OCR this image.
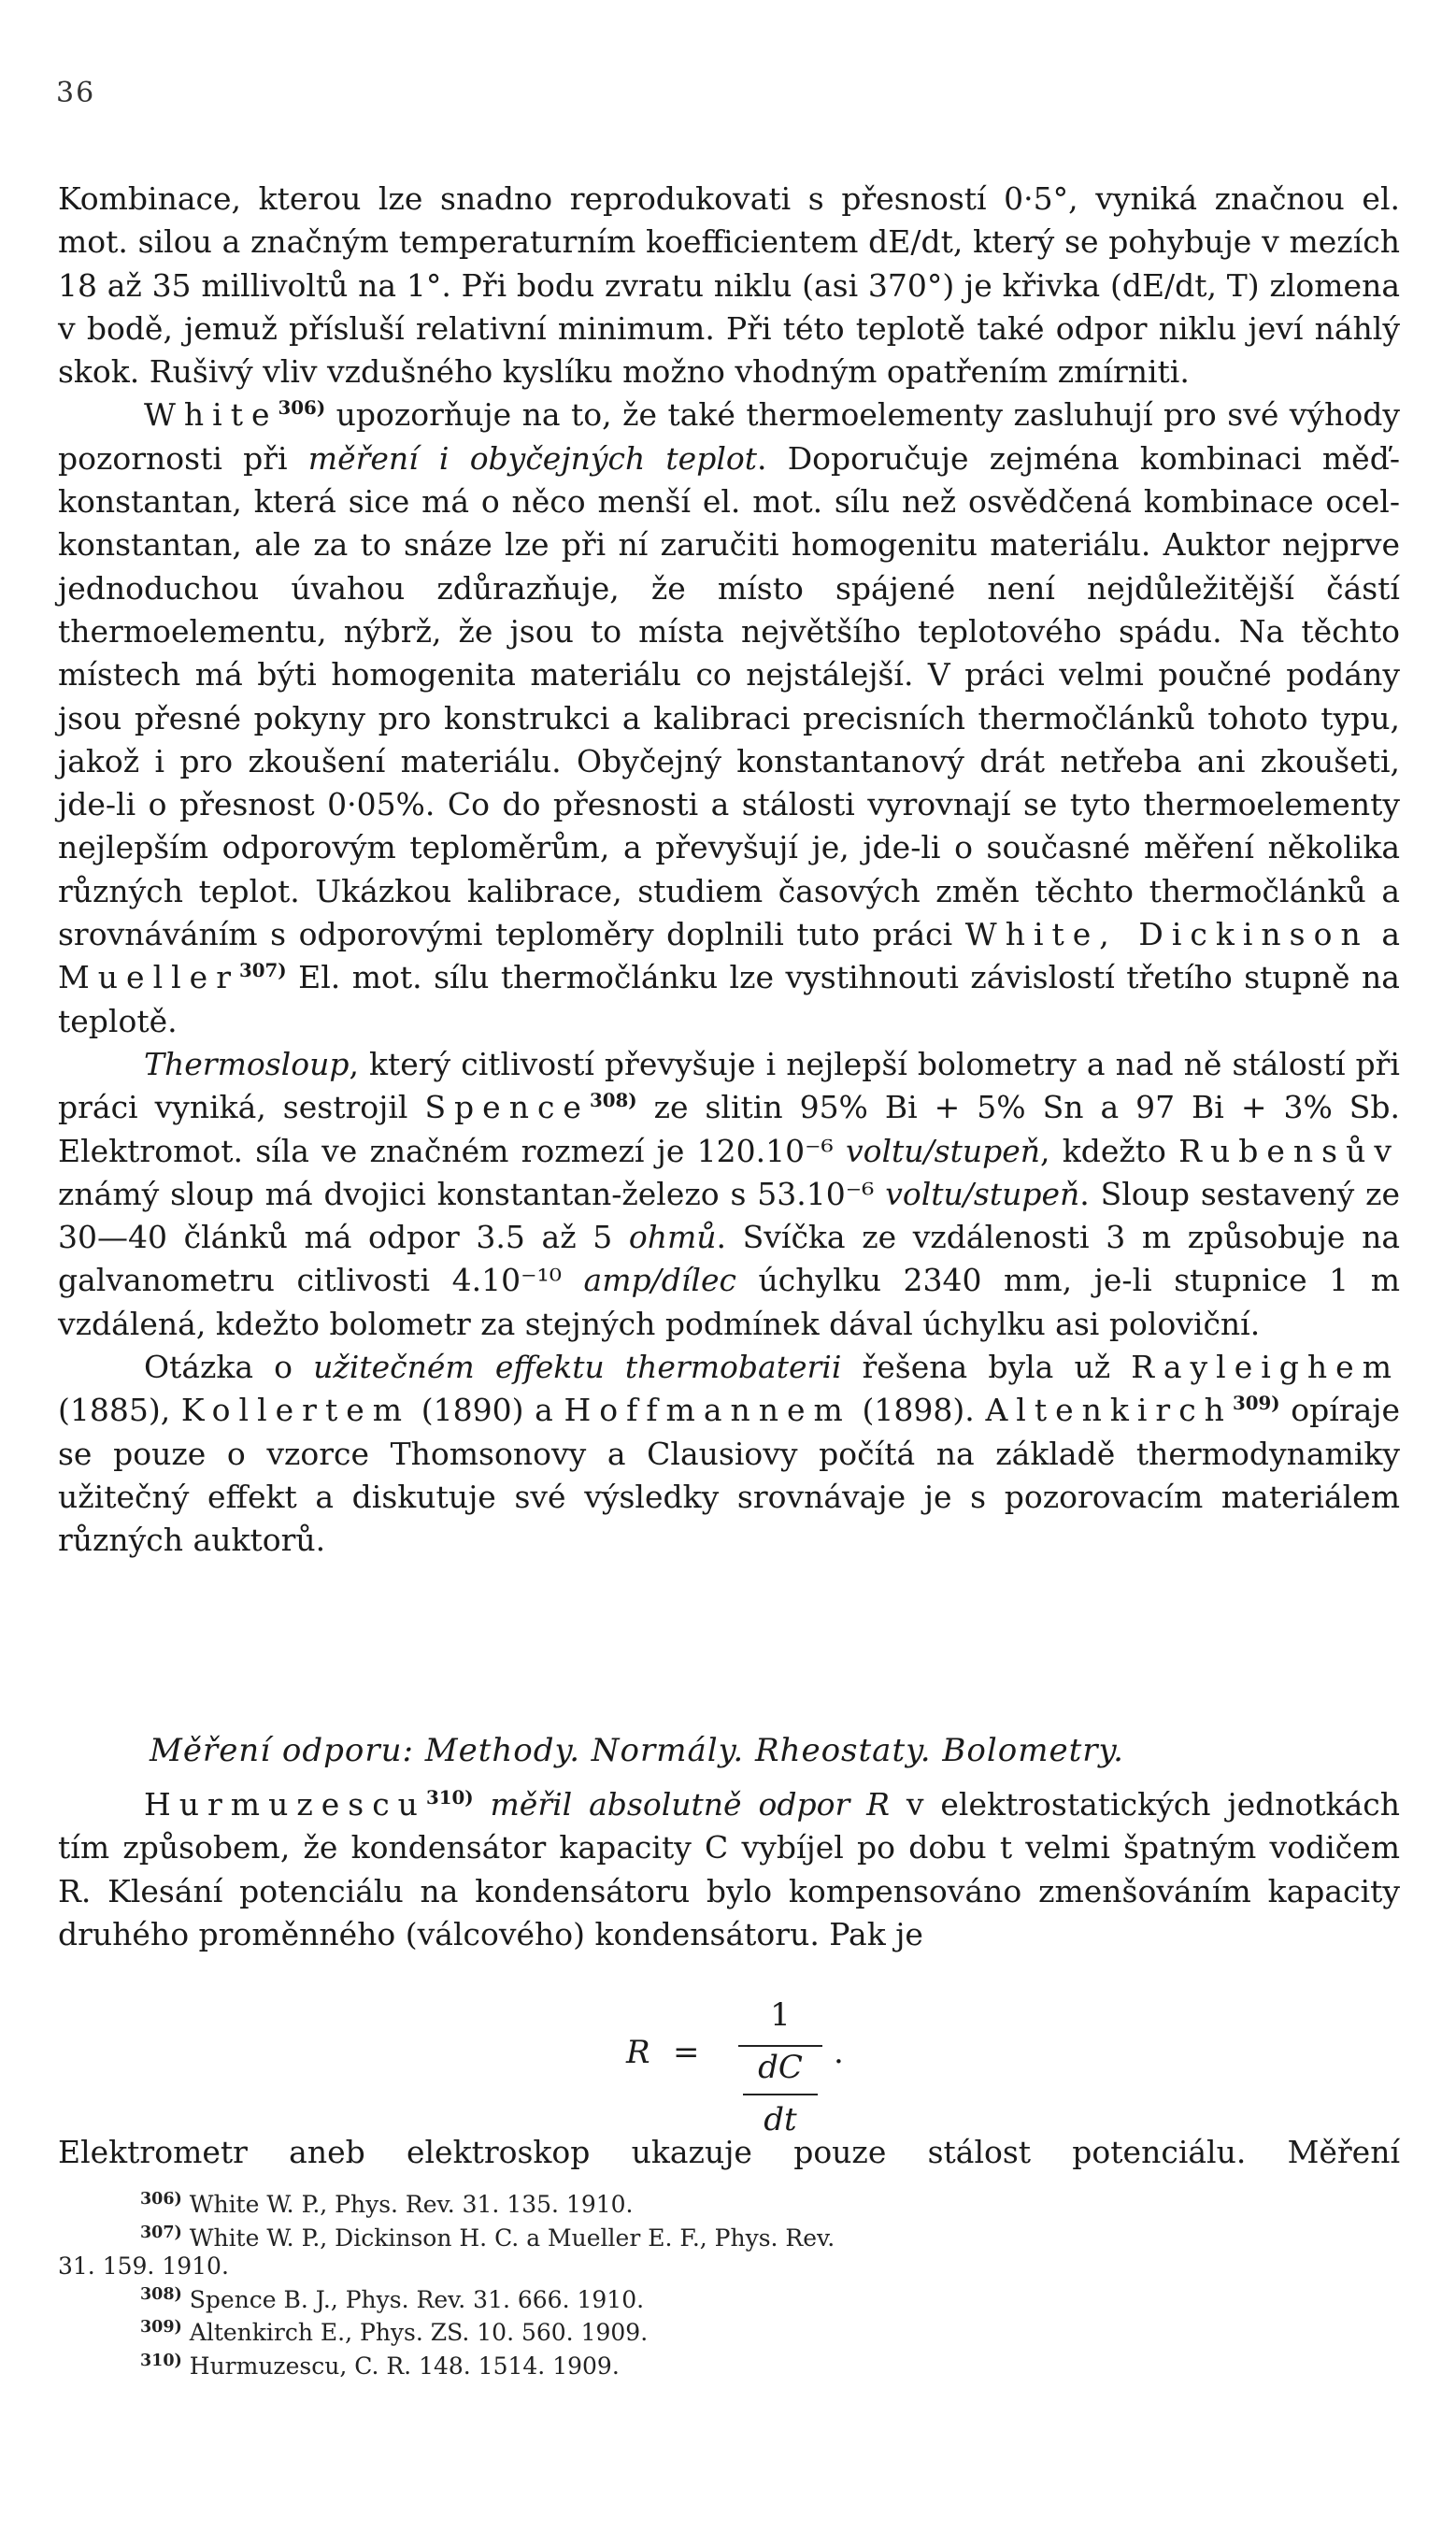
36

Kombinace, kterou lze snadno reprodukovati s přesností 0·5°, vyniká značnou el. mot. silou a značným temperaturním koefficientem dE/dt, který se pohybuje v mezích 18 až 35 millivoltů na 1°. Při bodu zvratu niklu (asi 370°) je křivka (dE/dt, T) zlomena v bodě, jemuž přísluší relativní minimum. Při této teplotě také odpor niklu jeví náhlý skok. Rušivý vliv vzdušného kyslíku možno vhodným opatřením zmírniti.

White$^{306)}$ upozorňuje na to, že také thermoelementy zasluhují pro své výhody pozornosti při měření i obyčejných teplot. Doporučuje zejména kombinaci měď-konstantan, která sice má o něco menší el. mot. sílu než osvědčená kombinace ocel-konstantan, ale za to snáze lze při ní zaručiti homogenitu materiálu. Auktor nejprve jednoduchou úvahou zdůrazňuje, že místo spájené není nejdůležitější částí thermoelementu, nýbrž, že jsou to místa největšího teplotového spádu. Na těchto místech má býti homogenita materiálu co nejstálejší. V práci velmi poučné podány jsou přesné pokyny pro konstrukci a kalibraci precisních thermočlánků tohoto typu, jakož i pro zkoušení materiálu. Obyčejný konstantanový drát netřeba ani zkoušeti, jde-li o přesnost 0·05%. Co do přesnosti a stálosti vyrovnají se tyto thermoelementy nejlepším odporovým teploměrům, a převyšují je, jde-li o současné měření několika různých teplot. Ukázkou kalibrace, studiem časových změn těchto thermočlánků a srovnáváním s odporovými teploměry doplnili tuto práci White, Dickinson a Mueller$^{307)}$ El. mot. sílu thermočlánku lze vystihnouti závislostí třetího stupně na teplotě.

Thermosloup, který citlivostí převyšuje i nejlepší bolometry a nad ně stálostí při práci vyniká, sestrojil Spence$^{308)}$ ze slitin 95% Bi + 5% Sn a 97 Bi + 3% Sb. Elektromot. síla ve značném rozmezí je 120.10⁻⁶ voltu/stupeň, kdežto Rubensův známý sloup má dvojici konstantan-železo s 53.10⁻⁶ voltu/stupeň. Sloup sestavený ze 30—40 článků má odpor 3.5 až 5 ohmů. Svíčka ze vzdálenosti 3 m způsobuje na galvanometru citlivosti 4.10⁻¹⁰ amp/dílec úchylku 2340 mm, je-li stupnice 1 m vzdálená, kdežto bolometr za stejných podmínek dával úchylku asi poloviční.

Otázka o užitečném effektu thermobaterii řešena byla už Rayleighem (1885), Kollertem (1890) a Hoffmannem (1898). Altenkirch$^{309)}$ opíraje se pouze o vzorce Thomsonovy a Clausiovy počítá na základě thermodynamiky užitečný effekt a diskutuje své výsledky srovnávaje je s pozorovacím materiálem různých auktorů.

Měření odporu: Methody. Normály. Rheostaty. Bolometry.

Hurmuzescu$^{310)}$ měřil absolutně odpor R v elektrostatických jednotkách tím způsobem, že kondensátor kapacity C vybíjel po dobu t velmi špatným vodičem R. Klesání potenciálu na kondensátoru bylo kompensováno zmenšováním kapacity druhého proměnného (válcového) kondensátoru. Pak je

R =
1
dC
dt
.
Elektrometr aneb elektroskop ukazuje pouze stálost potenciálu. Měření

$^{306)}$ White W. P., Phys. Rev. 31. 135. 1910.

$^{307)}$ White W. P., Dickinson H. C. a Mueller E. F., Phys. Rev.

31. 159. 1910.

$^{308)}$ Spence B. J., Phys. Rev. 31. 666. 1910.

$^{309)}$ Altenkirch E., Phys. ZS. 10. 560. 1909.

$^{310)}$ Hurmuzescu, C. R. 148. 1514. 1909.
